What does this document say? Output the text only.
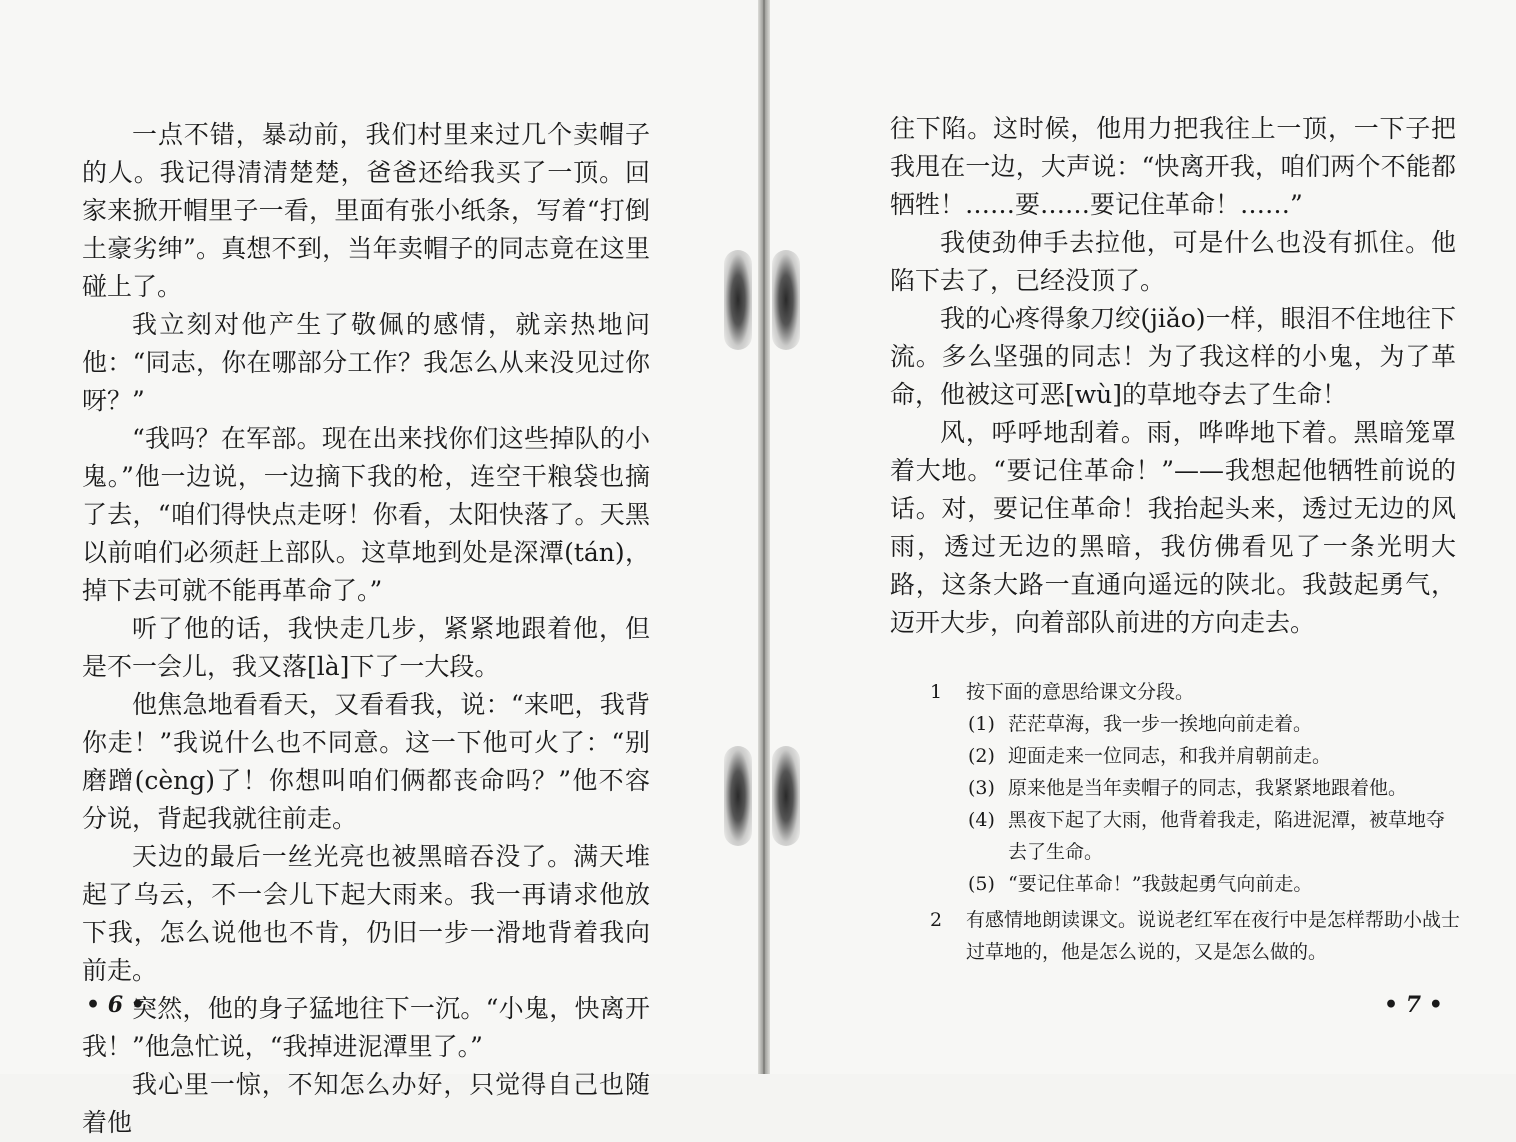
一点不错，暴动前，我们村里来过几个卖帽子的人。我记得清清楚楚，爸爸还给我买了一顶。回家来掀开帽里子一看，里面有张小纸条，写着“打倒土豪劣绅”。真想不到，当年卖帽子的同志竟在这里碰上了。

我立刻对他产生了敬佩的感情，就亲热地问他：“同志，你在哪部分工作？我怎么从来没见过你呀？”

“我吗？在军部。现在出来找你们这些掉队的小鬼。”他一边说，一边摘下我的枪，连空干粮袋也摘了去，“咱们得快点走呀！你看，太阳快落了。天黑以前咱们必须赶上部队。这草地到处是深潭(tán)，掉下去可就不能再革命了。”

听了他的话，我快走几步，紧紧地跟着他，但是不一会儿，我又落[là]下了一大段。

他焦急地看看天，又看看我，说：“来吧，我背你走！”我说什么也不同意。这一下他可火了：“别磨蹭(cèng)了！你想叫咱们俩都丧命吗？”他不容分说，背起我就往前走。

天边的最后一丝光亮也被黑暗吞没了。满天堆起了乌云，不一会儿下起大雨来。我一再请求他放下我，怎么说他也不肯，仍旧一步一滑地背着我向前走。

突然，他的身子猛地往下一沉。“小鬼，快离开我！”他急忙说，“我掉进泥潭里了。”

我心里一惊，不知怎么办好，只觉得自己也随着他

• 6 •

往下陷。这时候，他用力把我往上一顶，一下子把我甩在一边，大声说：“快离开我，咱们两个不能都牺牲！……要……要记住革命！……”

我使劲伸手去拉他，可是什么也没有抓住。他陷下去了，已经没顶了。

我的心疼得象刀绞(jiǎo)一样，眼泪不住地往下流。多么坚强的同志！为了我这样的小鬼，为了革命，他被这可恶[wù]的草地夺去了生命！

风，呼呼地刮着。雨，哗哗地下着。黑暗笼罩着大地。“要记住革命！”——我想起他牺牲前说的话。对，要记住革命！我抬起头来，透过无边的风雨，透过无边的黑暗，我仿佛看见了一条光明大路，这条大路一直通向遥远的陕北。我鼓起勇气，迈开大步，向着部队前进的方向走去。

1	按下面的意思给课文分段。
(1) 茫茫草海，我一步一挨地向前走着。
(2) 迎面走来一位同志，和我并肩朝前走。
(3) 原来他是当年卖帽子的同志，我紧紧地跟着他。
(4) 黑夜下起了大雨，他背着我走，陷进泥潭，被草地夺去了生命。
(5) “要记住革命！”我鼓起勇气向前走。
2	有感情地朗读课文。说说老红军在夜行中是怎样帮助小战士过草地的，他是怎么说的，又是怎么做的。
• 7 •
